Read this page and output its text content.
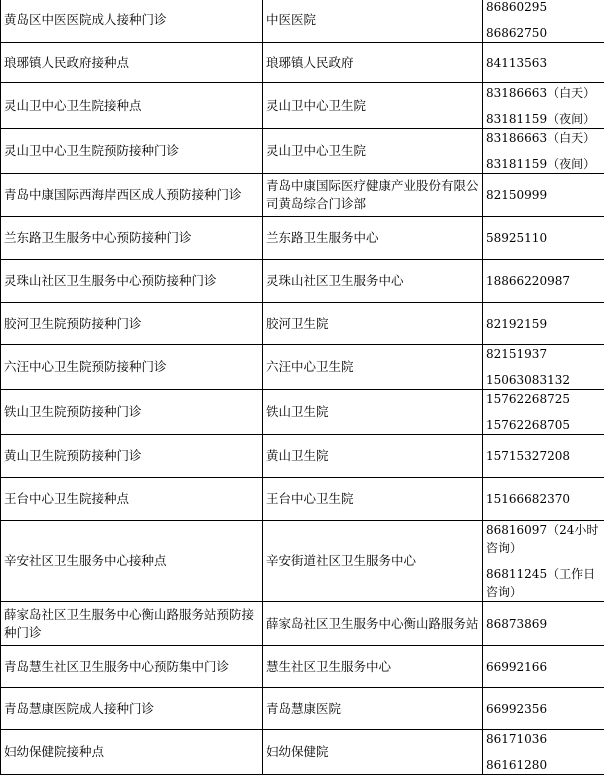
黄岛区中医医院成人接种门诊	中医医院	86860295
86862750

琅琊镇人民政府接种点	琅琊镇人民政府	84113563

灵山卫中心卫生院接种点	灵山卫中心卫生院	83186663（白天）
83181159（夜间）

灵山卫中心卫生院预防接种门诊	灵山卫中心卫生院	83186663（白天）
83181159（夜间）

青岛中康国际西海岸西区成人预防接种门诊	青岛中康国际医疗健康产业股份有限公司黄岛综合门诊部	82150999

兰东路卫生服务中心预防接种门诊	兰东路卫生服务中心	58925110

灵珠山社区卫生服务中心预防接种门诊	灵珠山社区卫生服务中心	18866220987

胶河卫生院预防接种门诊	胶河卫生院	82192159

六汪中心卫生院预防接种门诊	六汪中心卫生院	82151937
15063083132

铁山卫生院预防接种门诊	铁山卫生院	15762268725
15762268705

黄山卫生院预防接种门诊	黄山卫生院	15715327208

王台中心卫生院接种点	王台中心卫生院	15166682370

辛安社区卫生服务中心接种点	辛安街道社区卫生服务中心	86816097（24小时咨询）
86811245（工作日咨询）

薛家岛社区卫生服务中心衡山路服务站预防接种门诊	薛家岛社区卫生服务中心衡山路服务站	86873869

青岛慧生社区卫生服务中心预防集中门诊	慧生社区卫生服务中心	66992166

青岛慧康医院成人接种门诊	青岛慧康医院	66992356

妇幼保健院接种点	妇幼保健院	86171036
86161280
